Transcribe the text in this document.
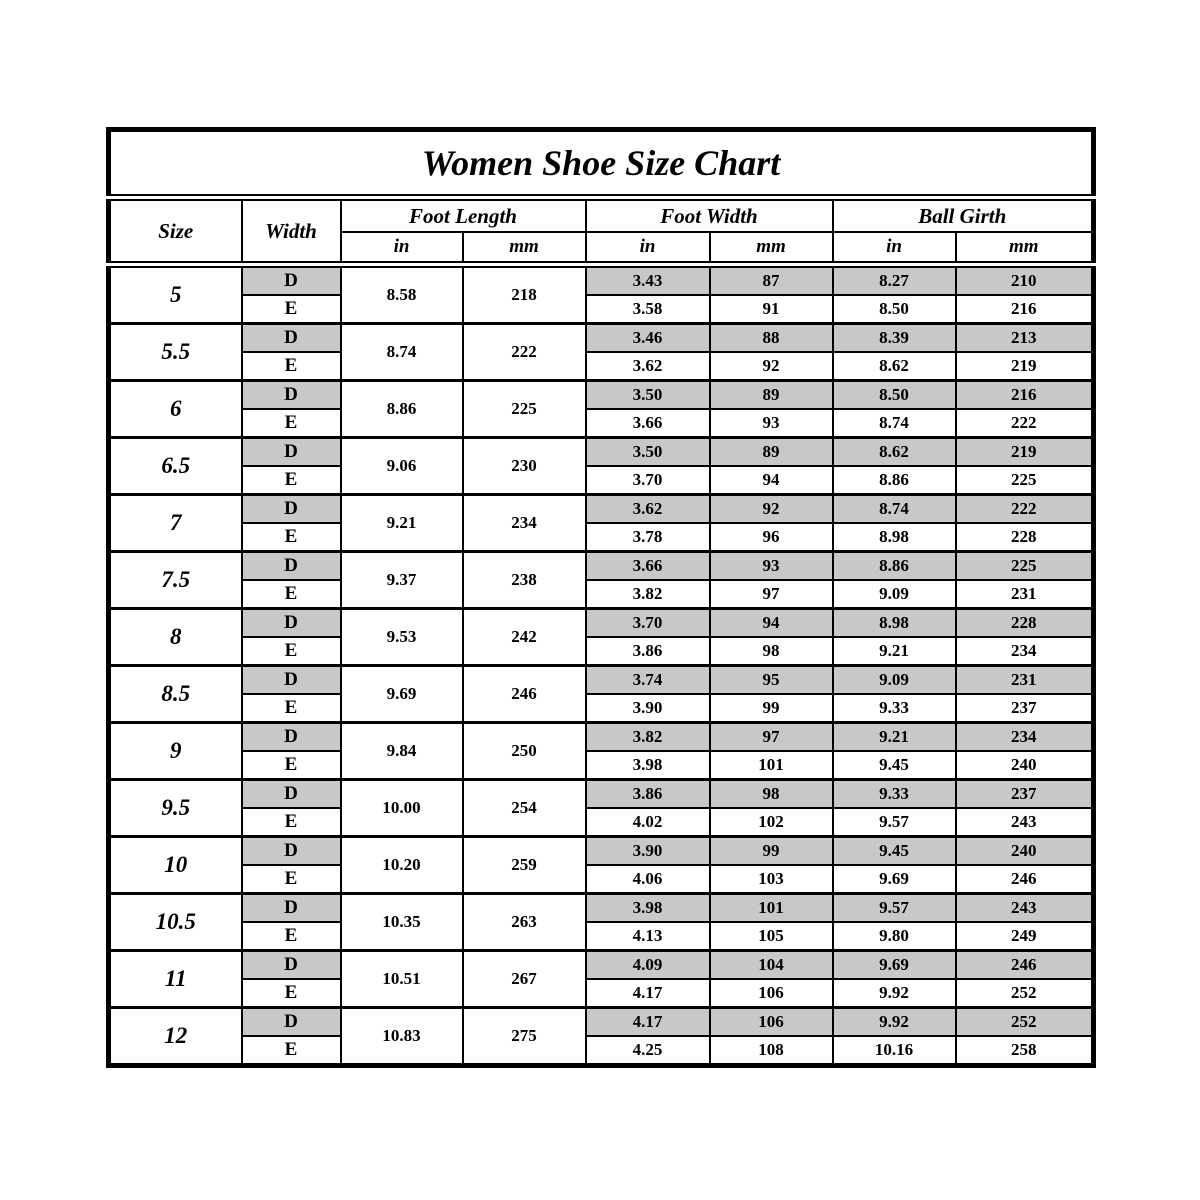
Women Shoe Size Chart							
Size	Width	Foot Length		Foot Width		Ball Girth	
		in	mm	in	mm	in	mm
5	D	8.58	218	3.43	87	8.27	210
	E			3.58	91	8.50	216
5.5	D	8.74	222	3.46	88	8.39	213
	E			3.62	92	8.62	219
6	D	8.86	225	3.50	89	8.50	216
	E			3.66	93	8.74	222
6.5	D	9.06	230	3.50	89	8.62	219
	E			3.70	94	8.86	225
7	D	9.21	234	3.62	92	8.74	222
	E			3.78	96	8.98	228
7.5	D	9.37	238	3.66	93	8.86	225
	E			3.82	97	9.09	231
8	D	9.53	242	3.70	94	8.98	228
	E			3.86	98	9.21	234
8.5	D	9.69	246	3.74	95	9.09	231
	E			3.90	99	9.33	237
9	D	9.84	250	3.82	97	9.21	234
	E			3.98	101	9.45	240
9.5	D	10.00	254	3.86	98	9.33	237
	E			4.02	102	9.57	243
10	D	10.20	259	3.90	99	9.45	240
	E			4.06	103	9.69	246
10.5	D	10.35	263	3.98	101	9.57	243
	E			4.13	105	9.80	249
11	D	10.51	267	4.09	104	9.69	246
	E			4.17	106	9.92	252
12	D	10.83	275	4.17	106	9.92	252
	E			4.25	108	10.16	258
